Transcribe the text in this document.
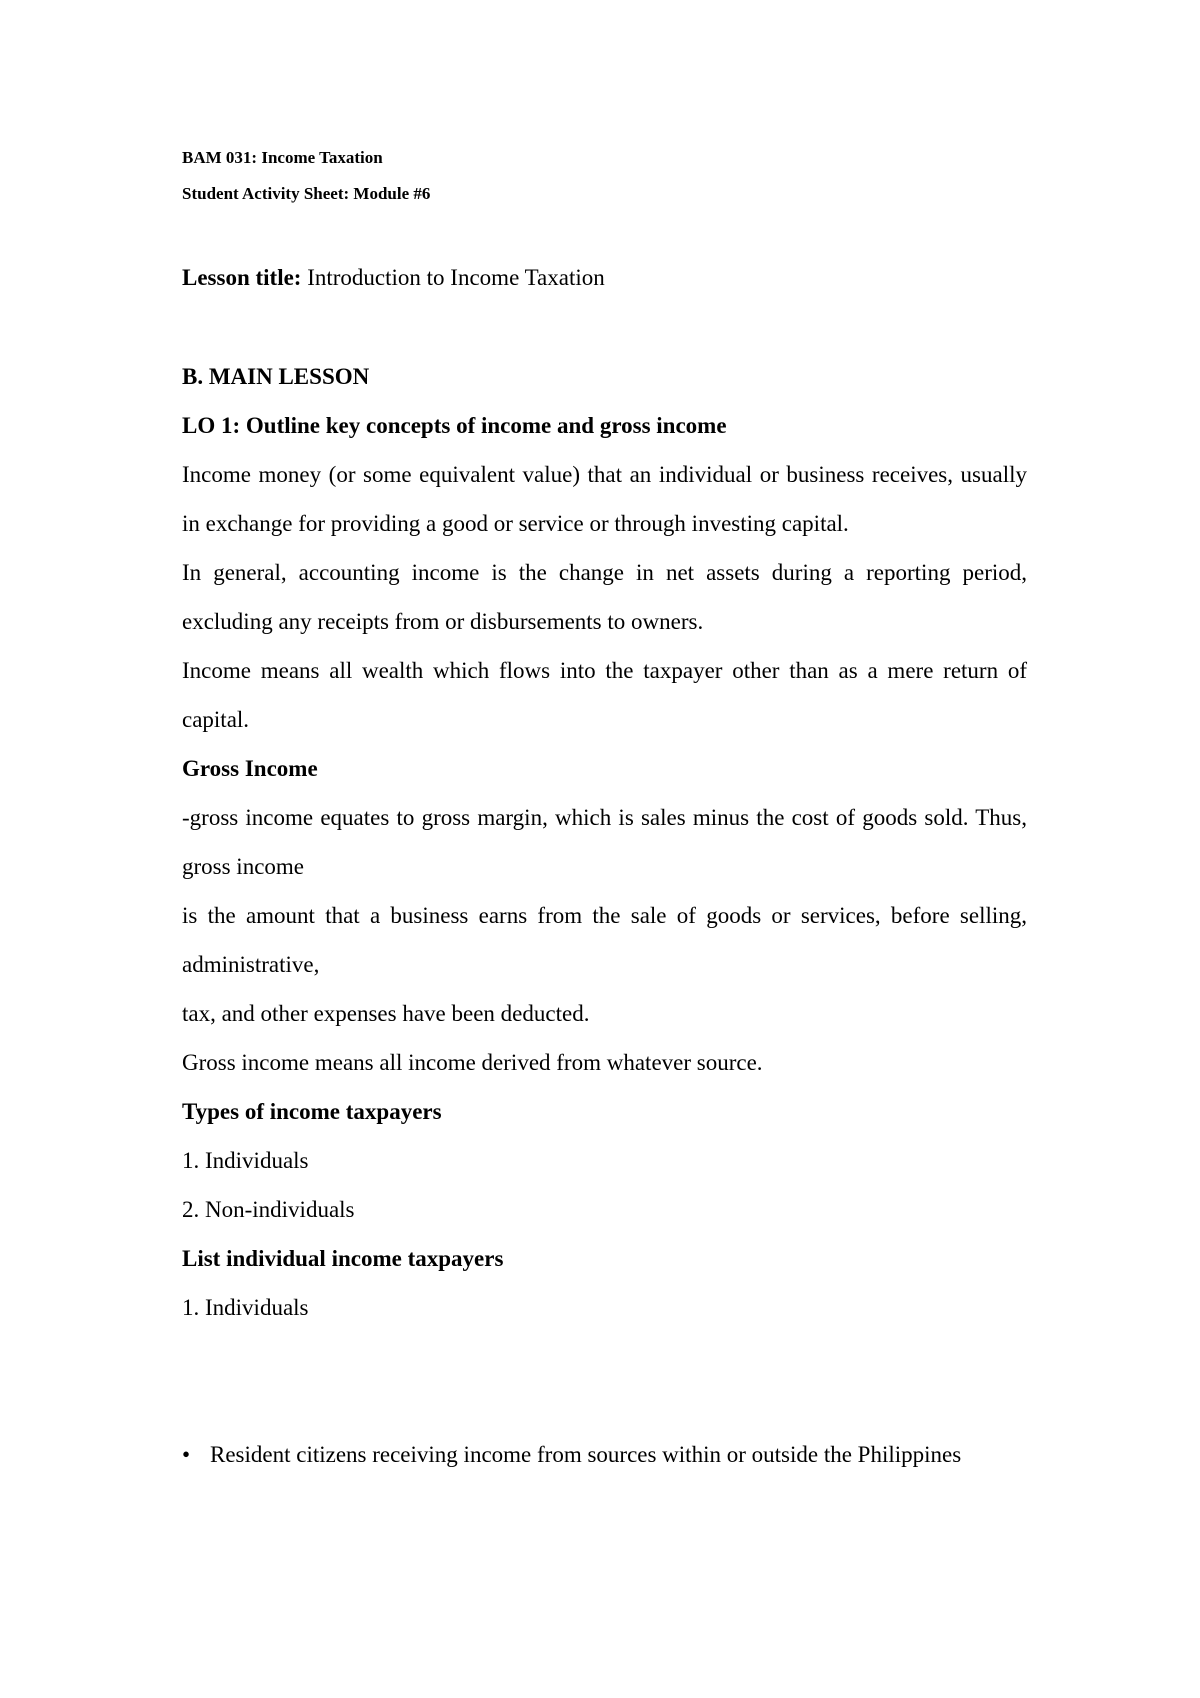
BAM 031: Income Taxation
Student Activity Sheet: Module #6
Lesson title: Introduction to Income Taxation

B. MAIN LESSON

LO 1: Outline key concepts of income and gross income

Income money (or some equivalent value) that an individual or business receives, usually in exchange for providing a good or service or through investing capital.

In general, accounting income is the change in net assets during a reporting period, excluding any receipts from or disbursements to owners.

Income means all wealth which flows into the taxpayer other than as a mere return of capital.

Gross Income

-gross income equates to gross margin, which is sales minus the cost of goods sold. Thus, gross income

is the amount that a business earns from the sale of goods or services, before selling, administrative,

tax, and other expenses have been deducted.

Gross income means all income derived from whatever source.

Types of income taxpayers

1. Individuals

2. Non-individuals

List individual income taxpayers

1. Individuals

• Resident citizens receiving income from sources within or outside the Philippines
